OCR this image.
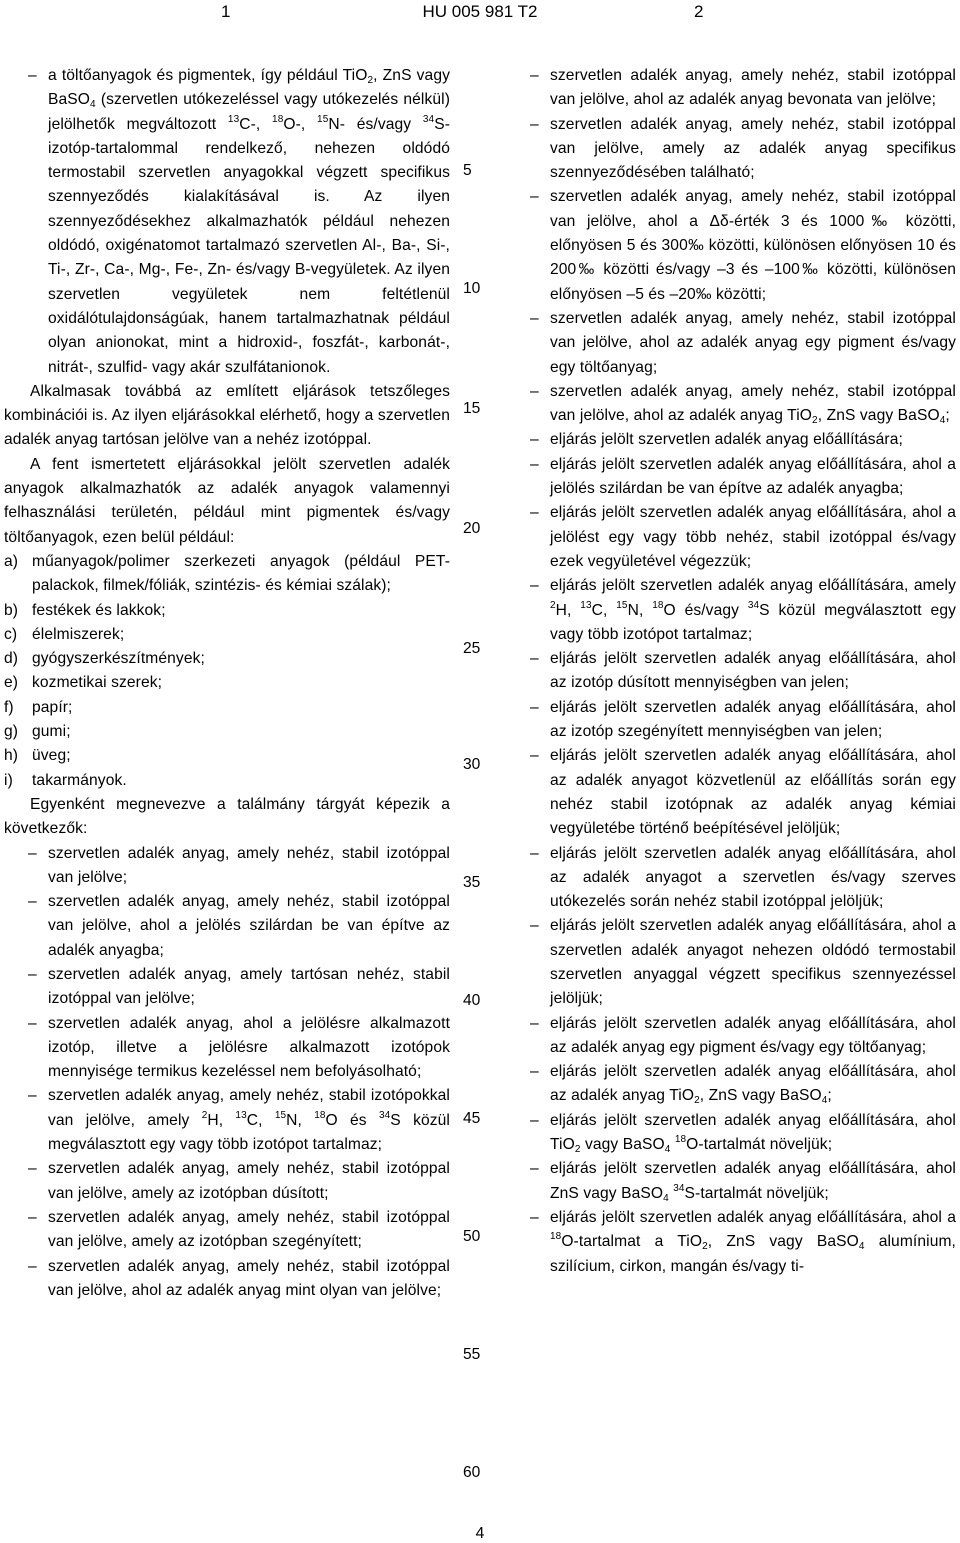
1	HU 005 981 T2	2

– a töltőanyagok és pigmentek, így például TiO$_2$, ZnS vagy BaSO$_4$ (szervetlen utókezeléssel vagy utókezelés nélkül) jelölhetők megváltozott $^{13}$C-, $^{18}$O-, $^{15}$N- és/vagy $^{34}$S-izotóp-tartalommal rendelkező, nehezen oldódó termostabil szervetlen anyagokkal végzett specifikus szennyeződés kialakításával is. Az ilyen szennyeződésekhez alkalmazhatók például nehezen oldódó, oxigénatomot tartalmazó szervetlen Al-, Ba-, Si-, Ti-, Zr-, Ca-, Mg-, Fe-, Zn- és/vagy B-vegyületek. Az ilyen szervetlen vegyületek nem feltétlenül oxidálótulajdonságúak, hanem tartalmazhatnak például olyan anionokat, mint a hidroxid-, foszfát-, karbonát-, nitrát-, szulfid- vagy akár szulfátanionok.

Alkalmasak továbbá az említett eljárások tetszőleges kombinációi is. Az ilyen eljárásokkal elérhető, hogy a szervetlen adalék anyag tartósan jelölve van a nehéz izotóppal.

A fent ismertetett eljárásokkal jelölt szervetlen adalék anyagok alkalmazhatók az adalék anyagok valamennyi felhasználási területén, például mint pigmentek és/vagy töltőanyagok, ezen belül például:

a) műanyagok/polimer szerkezeti anyagok (például PET-palackok, filmek/fóliák, szintézis- és kémiai szálak);

b) festékek és lakkok;

c) élelmiszerek;

d) gyógyszerkészítmények;

e) kozmetikai szerek;

f) papír;

g) gumi;

h) üveg;

i) takarmányok.

Egyenként megnevezve a találmány tárgyát képezik a következők:

– szervetlen adalék anyag, amely nehéz, stabil izotóppal van jelölve;

– szervetlen adalék anyag, amely nehéz, stabil izotóppal van jelölve, ahol a jelölés szilárdan be van építve az adalék anyagba;

– szervetlen adalék anyag, amely tartósan nehéz, stabil izotóppal van jelölve;

– szervetlen adalék anyag, ahol a jelölésre alkalmazott izotóp, illetve a jelölésre alkalmazott izotópok mennyisége termikus kezeléssel nem befolyásolható;

– szervetlen adalék anyag, amely nehéz, stabil izotópokkal van jelölve, amely $^2$H, $^{13}$C, $^{15}$N, $^{18}$O és $^{34}$S közül megválasztott egy vagy több izotópot tartalmaz;

– szervetlen adalék anyag, amely nehéz, stabil izotóppal van jelölve, amely az izotópban dúsított;

– szervetlen adalék anyag, amely nehéz, stabil izotóppal van jelölve, amely az izotópban szegényített;

– szervetlen adalék anyag, amely nehéz, stabil izotóppal van jelölve, ahol az adalék anyag mint olyan van jelölve;

5
10
15
20
25
30
35
40
45
50
55
60

– szervetlen adalék anyag, amely nehéz, stabil izotóppal van jelölve, ahol az adalék anyag bevonata van jelölve;

– szervetlen adalék anyag, amely nehéz, stabil izotóppal van jelölve, amely az adalék anyag specifikus szennyeződésében található;

– szervetlen adalék anyag, amely nehéz, stabil izotóppal van jelölve, ahol a Δδ-érték 3 és 1000‰ közötti, előnyösen 5 és 300‰ közötti, különösen előnyösen 10 és 200‰ közötti és/vagy –3 és –100‰ közötti, különösen előnyösen –5 és –20‰ közötti;

– szervetlen adalék anyag, amely nehéz, stabil izotóppal van jelölve, ahol az adalék anyag egy pigment és/vagy egy töltőanyag;

– szervetlen adalék anyag, amely nehéz, stabil izotóppal van jelölve, ahol az adalék anyag TiO$_2$, ZnS vagy BaSO$_4$;

– eljárás jelölt szervetlen adalék anyag előállítására;

– eljárás jelölt szervetlen adalék anyag előállítására, ahol a jelölés szilárdan be van építve az adalék anyagba;

– eljárás jelölt szervetlen adalék anyag előállítására, ahol a jelölést egy vagy több nehéz, stabil izotóppal és/vagy ezek vegyületével végezzük;

– eljárás jelölt szervetlen adalék anyag előállítására, amely $^2$H, $^{13}$C, $^{15}$N, $^{18}$O és/vagy $^{34}$S közül megválasztott egy vagy több izotópot tartalmaz;

– eljárás jelölt szervetlen adalék anyag előállítására, ahol az izotóp dúsított mennyiségben van jelen;

– eljárás jelölt szervetlen adalék anyag előállítására, ahol az izotóp szegényített mennyiségben van jelen;

– eljárás jelölt szervetlen adalék anyag előállítására, ahol az adalék anyagot közvetlenül az előállítás során egy nehéz stabil izotópnak az adalék anyag kémiai vegyületébe történő beépítésével jelöljük;

– eljárás jelölt szervetlen adalék anyag előállítására, ahol az adalék anyagot a szervetlen és/vagy szerves utókezelés során nehéz stabil izotóppal jelöljük;

– eljárás jelölt szervetlen adalék anyag előállítására, ahol a szervetlen adalék anyagot nehezen oldódó termostabil szervetlen anyaggal végzett specifikus szennyezéssel jelöljük;

– eljárás jelölt szervetlen adalék anyag előállítására, ahol az adalék anyag egy pigment és/vagy egy töltőanyag;

– eljárás jelölt szervetlen adalék anyag előállítására, ahol az adalék anyag TiO$_2$, ZnS vagy BaSO$_4$;

– eljárás jelölt szervetlen adalék anyag előállítására, ahol TiO$_2$ vagy BaSO$_4$ $^{18}$O-tartalmát növeljük;

– eljárás jelölt szervetlen adalék anyag előállítására, ahol ZnS vagy BaSO$_4$ $^{34}$S-tartalmát növeljük;

– eljárás jelölt szervetlen adalék anyag előállítására, ahol a $^{18}$O-tartalmat a TiO$_2$, ZnS vagy BaSO$_4$ alumínium, szilícium, cirkon, mangán és/vagy ti-

4
